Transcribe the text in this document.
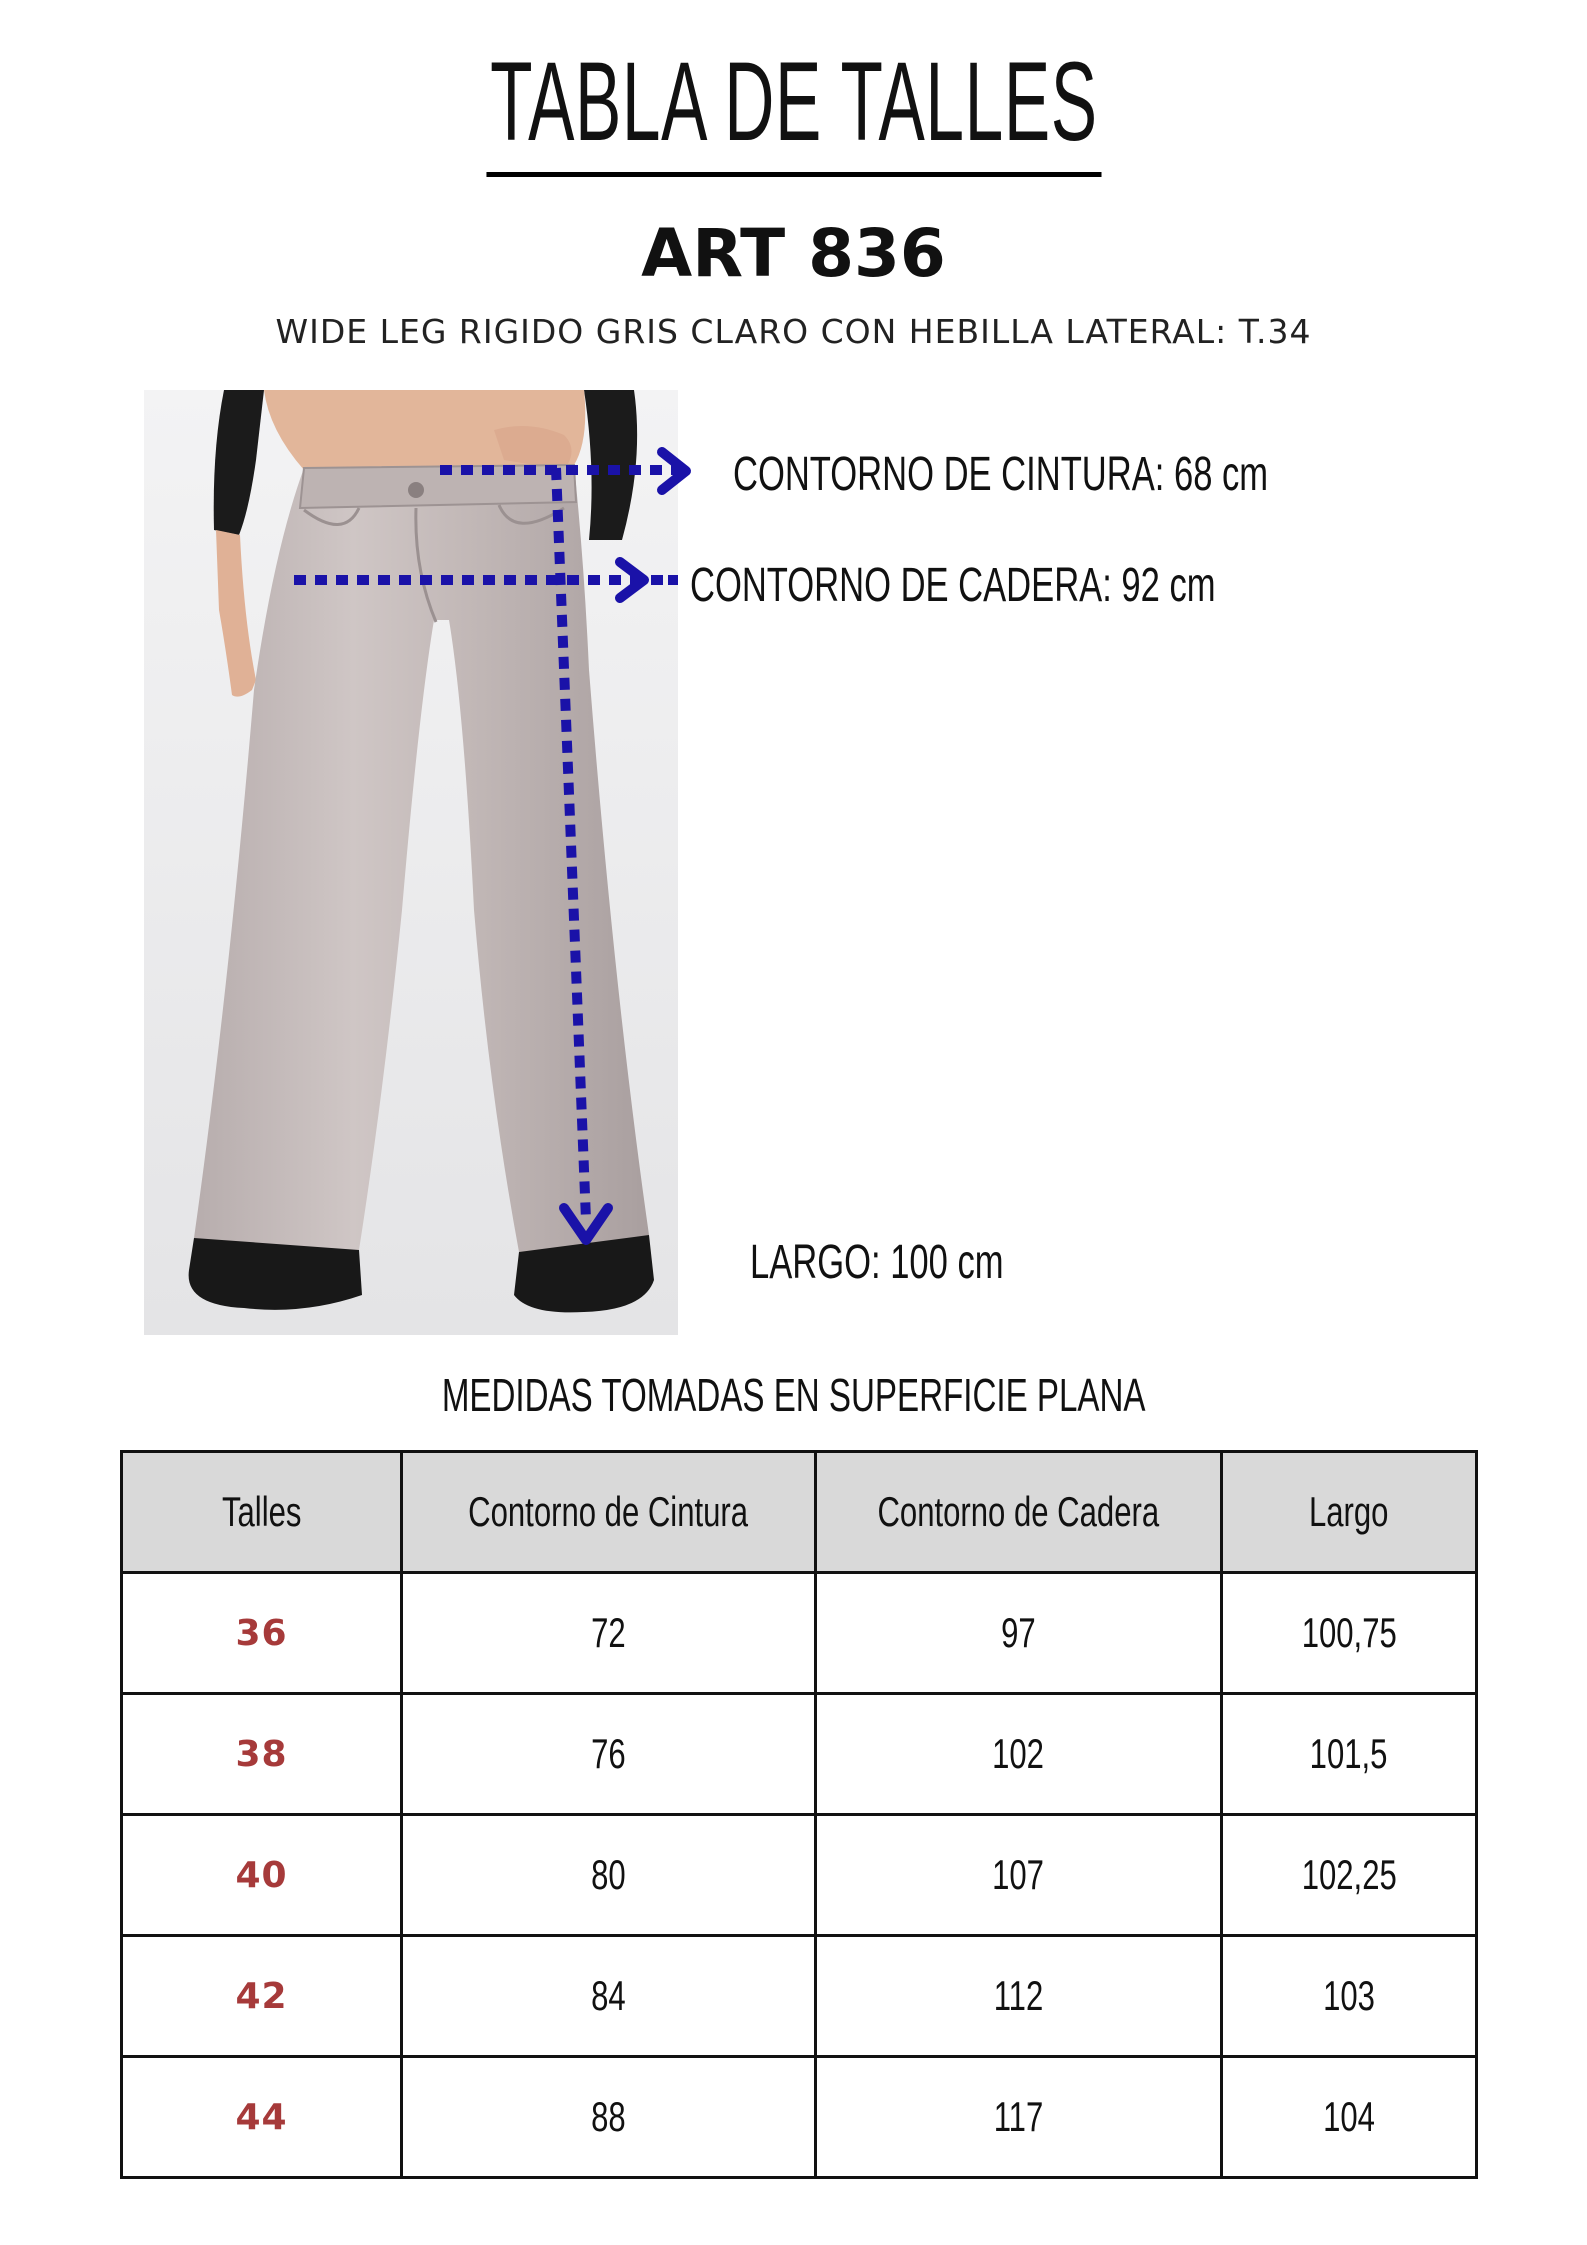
TABLA DE TALLES
ART 836
WIDE LEG RIGIDO GRIS CLARO CON HEBILLA LATERAL: T.34
CONTORNO DE CINTURA: 68 cm
CONTORNO DE CADERA: 92 cm
LARGO: 100 cm
MEDIDAS TOMADAS EN SUPERFICIE PLANA
Talles	Contorno de Cintura	Contorno de Cadera	Largo
36	72	97	100,75
38	76	102	101,5
40	80	107	102,25
42	84	112	103
44	88	117	104
